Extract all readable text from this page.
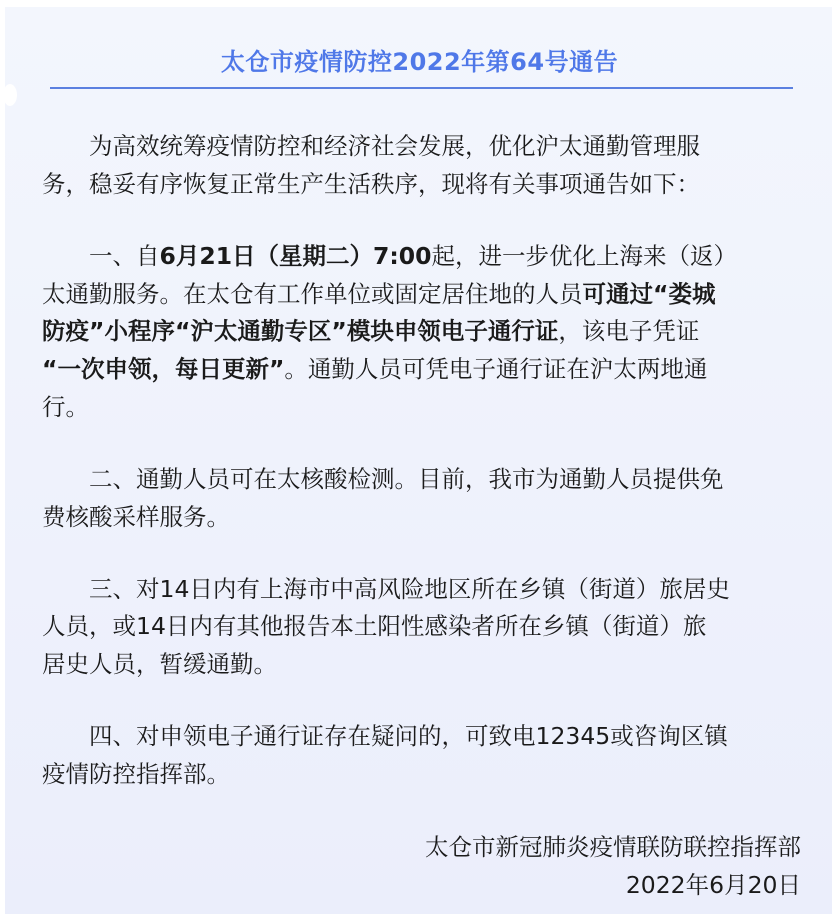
太仓市疫情防控2022年第64号通告
　　为高效统筹疫情防控和经济社会发展，优化沪太通勤管理服
务，稳妥有序恢复正常生产生活秩序，现将有关事项通告如下：
　　一、自6月21日（星期二）7:00起，进一步优化上海来（返）
太通勤服务。在太仓有工作单位或固定居住地的人员可通过“娄城
防疫”小程序“沪太通勤专区”模块申领电子通行证，该电子凭证
“一次申领，每日更新”。通勤人员可凭电子通行证在沪太两地通
行。
　　二、通勤人员可在太核酸检测。目前，我市为通勤人员提供免
费核酸采样服务。
　　三、对14日内有上海市中高风险地区所在乡镇（街道）旅居史
人员，或14日内有其他报告本土阳性感染者所在乡镇（街道）旅
居史人员，暂缓通勤。
　　四、对申领电子通行证存在疑问的，可致电12345或咨询区镇
疫情防控指挥部。
太仓市新冠肺炎疫情联防联控指挥部
2022年6月20日
